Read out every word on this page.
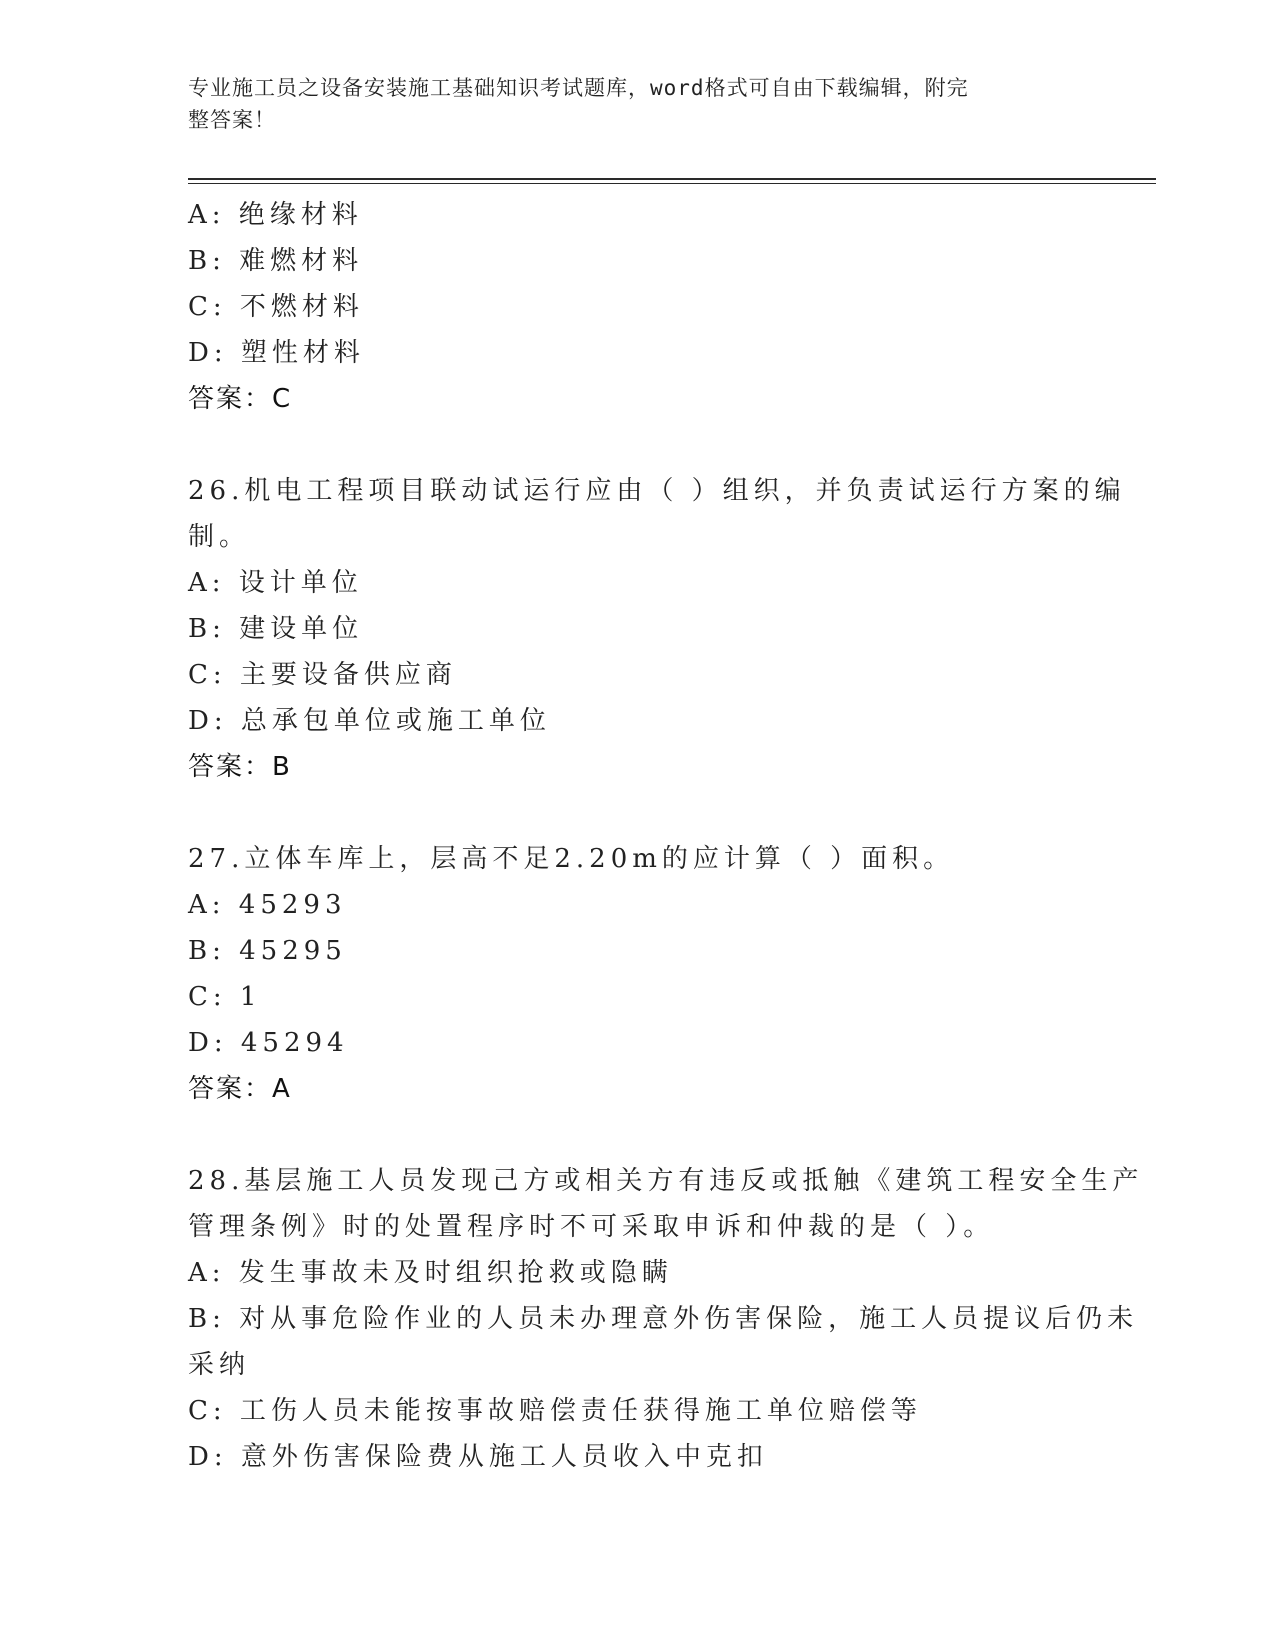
专业施工员之设备安装施工基础知识考试题库，word格式可自由下载编辑，附完
整答案！
A: 绝缘材料
B: 难燃材料
C: 不燃材料
D: 塑性材料
答案：C
26.机电工程项目联动试运行应由（ ）组织，并负责试运行方案的编
制。
A: 设计单位
B: 建设单位
C: 主要设备供应商
D: 总承包单位或施工单位
答案：B
27.立体车库上，层高不足2.20m的应计算（ ）面积。
A: 45293
B: 45295
C: 1
D: 45294
答案：A
28.基层施工人员发现己方或相关方有违反或抵触《建筑工程安全生产
管理条例》时的处置程序时不可采取申诉和仲裁的是（ ）。
A: 发生事故未及时组织抢救或隐瞒
B: 对从事危险作业的人员未办理意外伤害保险，施工人员提议后仍未
采纳
C: 工伤人员未能按事故赔偿责任获得施工单位赔偿等
D: 意外伤害保险费从施工人员收入中克扣
